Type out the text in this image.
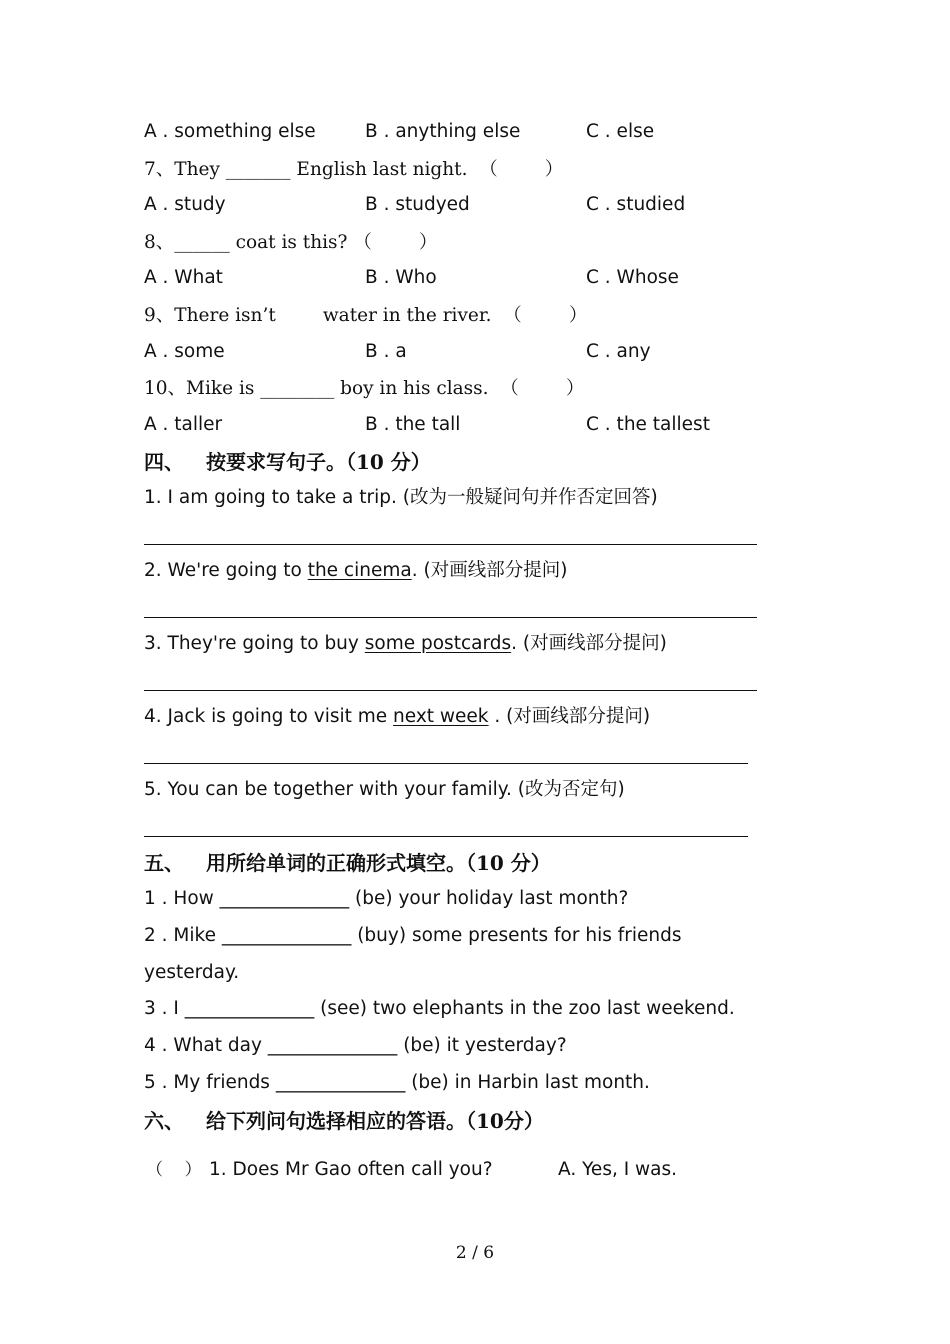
A . something else	B . anything else	C . else
7、They _______ English last night.  （        ）
A . study	B . studyed	C . studied
8、______ coat is this? （        ）
A . What	B . Who	C . Whose
9、There isn’t        water in the river.  （        ）
A . some	B . a	C . any
10、Mike is ________ boy in his class.  （        ）
A . taller	B . the tall	C . the tallest
四、 按要求写句子。（10 分）
1. I am going to take a trip. (改为一般疑问句并作否定回答)
2. We're going to the cinema. (对画线部分提问)
3. They're going to buy some postcards. (对画线部分提问)
4. Jack is going to visit me next week . (对画线部分提问)
5. You can be together with your family. (改为否定句)
五、 用所给单词的正确形式填空。（10 分）
1 . How ______________ (be) your holiday last month?
2 . Mike ______________ (buy) some presents for his friends
yesterday.
3 . I ______________ (see) two elephants in the zoo last weekend.
4 . What day ______________ (be) it yesterday?
5 . My friends ______________ (be) in Harbin last month.
六、 给下列问句选择相应的答语。（10分）
（    ） 1. Does Mr Gao often call you?	A. Yes, I was.
2 / 6
